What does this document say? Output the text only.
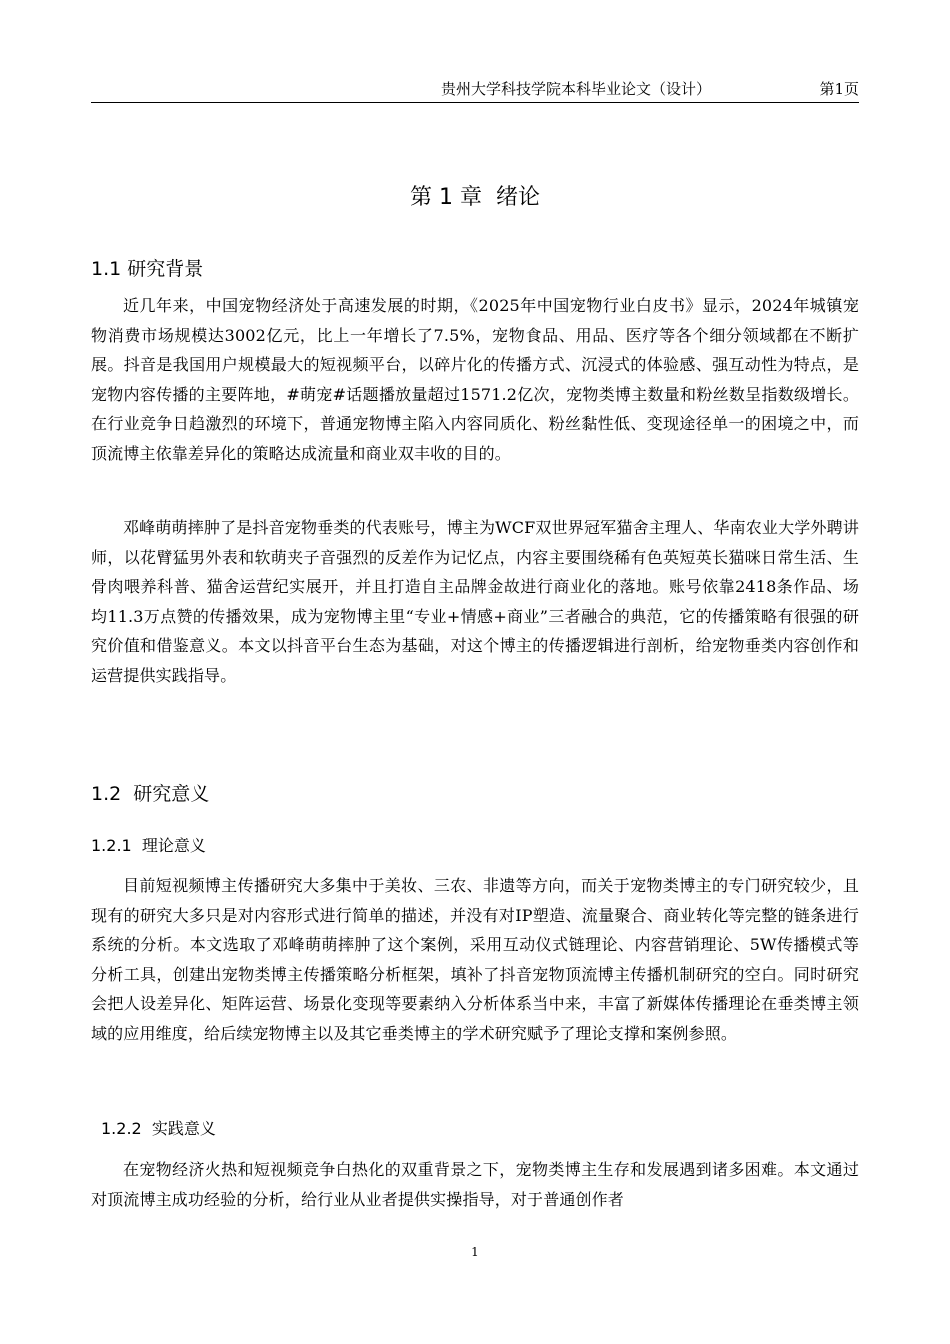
贵州大学科技学院本科毕业论文（设计）	第1页
第 1 章  绪论
1.1 研究背景

近几年来，中国宠物经济处于高速发展的时期，《2025年中国宠物行业白皮书》显示，2024年城镇宠物消费市场规模达3002亿元，比上一年增长了7.5%，宠物食品、用品、医疗等各个细分领域都在不断扩展。抖音是我国用户规模最大的短视频平台，以碎片化的传播方式、沉浸式的体验感、强互动性为特点，是宠物内容传播的主要阵地，#萌宠#话题播放量超过1571.2亿次，宠物类博主数量和粉丝数呈指数级增长。在行业竞争日趋激烈的环境下，普通宠物博主陷入内容同质化、粉丝黏性低、变现途径单一的困境之中，而顶流博主依靠差异化的策略达成流量和商业双丰收的目的。

邓峰萌萌摔肿了是抖音宠物垂类的代表账号，博主为WCF双世界冠军猫舍主理人、华南农业大学外聘讲师，以花臂猛男外表和软萌夹子音强烈的反差作为记忆点，内容主要围绕稀有色英短英长猫咪日常生活、生骨肉喂养科普、猫舍运营纪实展开，并且打造自主品牌金故进行商业化的落地。账号依靠2418条作品、场均11.3万点赞的传播效果，成为宠物博主里“专业+情感+商业”三者融合的典范，它的传播策略有很强的研究价值和借鉴意义。本文以抖音平台生态为基础，对这个博主的传播逻辑进行剖析，给宠物垂类内容创作和运营提供实践指导。

1.2  研究意义
1.2.1  理论意义

目前短视频博主传播研究大多集中于美妆、三农、非遗等方向，而关于宠物类博主的专门研究较少，且现有的研究大多只是对内容形式进行简单的描述，并没有对IP塑造、流量聚合、商业转化等完整的链条进行系统的分析。本文选取了邓峰萌萌摔肿了这个案例，采用互动仪式链理论、内容营销理论、5W传播模式等分析工具，创建出宠物类博主传播策略分析框架，填补了抖音宠物顶流博主传播机制研究的空白。同时研究会把人设差异化、矩阵运营、场景化变现等要素纳入分析体系当中来，丰富了新媒体传播理论在垂类博主领域的应用维度，给后续宠物博主以及其它垂类博主的学术研究赋予了理论支撑和案例参照。

1.2.2  实践意义

在宠物经济火热和短视频竞争白热化的双重背景之下，宠物类博主生存和发展遇到诸多困难。本文通过对顶流博主成功经验的分析，给行业从业者提供实操指导，对于普通创作者

1
